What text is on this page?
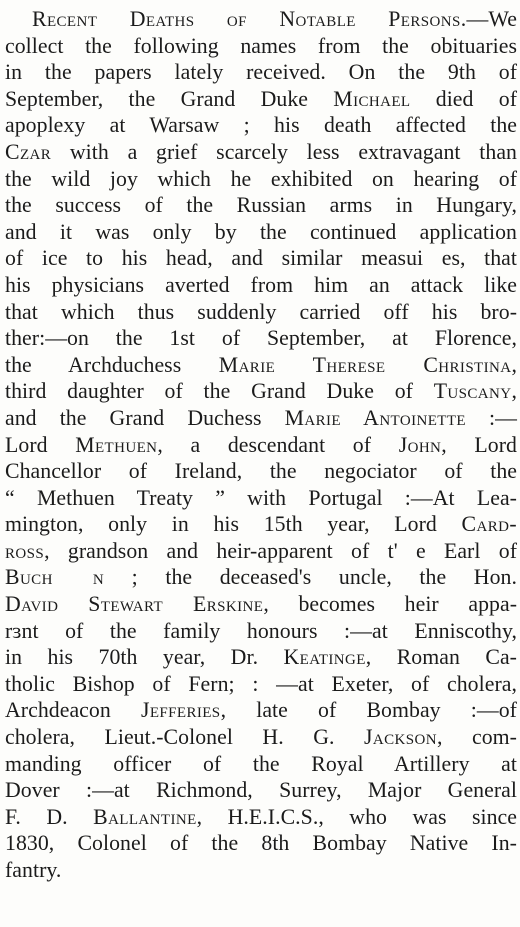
Recent Deaths of Notable Persons.—We
collect the following names from the obituaries
in the papers lately received. On the 9th of
September, the Grand Duke Michael died of
apoplexy at Warsaw ; his death affected the
Czar with a grief scarcely less extravagant than
the wild joy which he exhibited on hearing of
the success of the Russian arms in Hungary,
and it was only by the continued application
of ice to his head, and similar measui es, that
his physicians averted from him an attack like
that which thus suddenly carried off his bro-
ther:—on the 1st of September, at Florence,
the Archduchess Marie Therese Christina,
third daughter of the Grand Duke of Tuscany,
and the Grand Duchess Marie Antoinette :—
Lord Methuen, a descendant of John, Lord
Chancellor of Ireland, the negociator of the
“ Methuen Treaty ” with Portugal :—At Lea-
mington, only in his 15th year, Lord Card-
ross, grandson and heir-apparent of t' e Earl of
Buch ɪn ; the deceased's uncle, the Hon.
David Stewart Erskine, becomes heir appa-
rɜnt of the family honours :—at Enniscothy,
in his 70th year, Dr. Keatinge, Roman Ca-
tholic Bishop of Fern; : —at Exeter, of cholera,
Archdeacon Jefferies, late of Bombay :—of
cholera, Lieut.-Colonel H. G. Jackson, com-
manding officer of the Royal Artillery at
Dover :—at Richmond, Surrey, Major General
F. D. Ballantine, H.E.I.C.S., who was since
1830, Colonel of the 8th Bombay Native In-
fantry.
